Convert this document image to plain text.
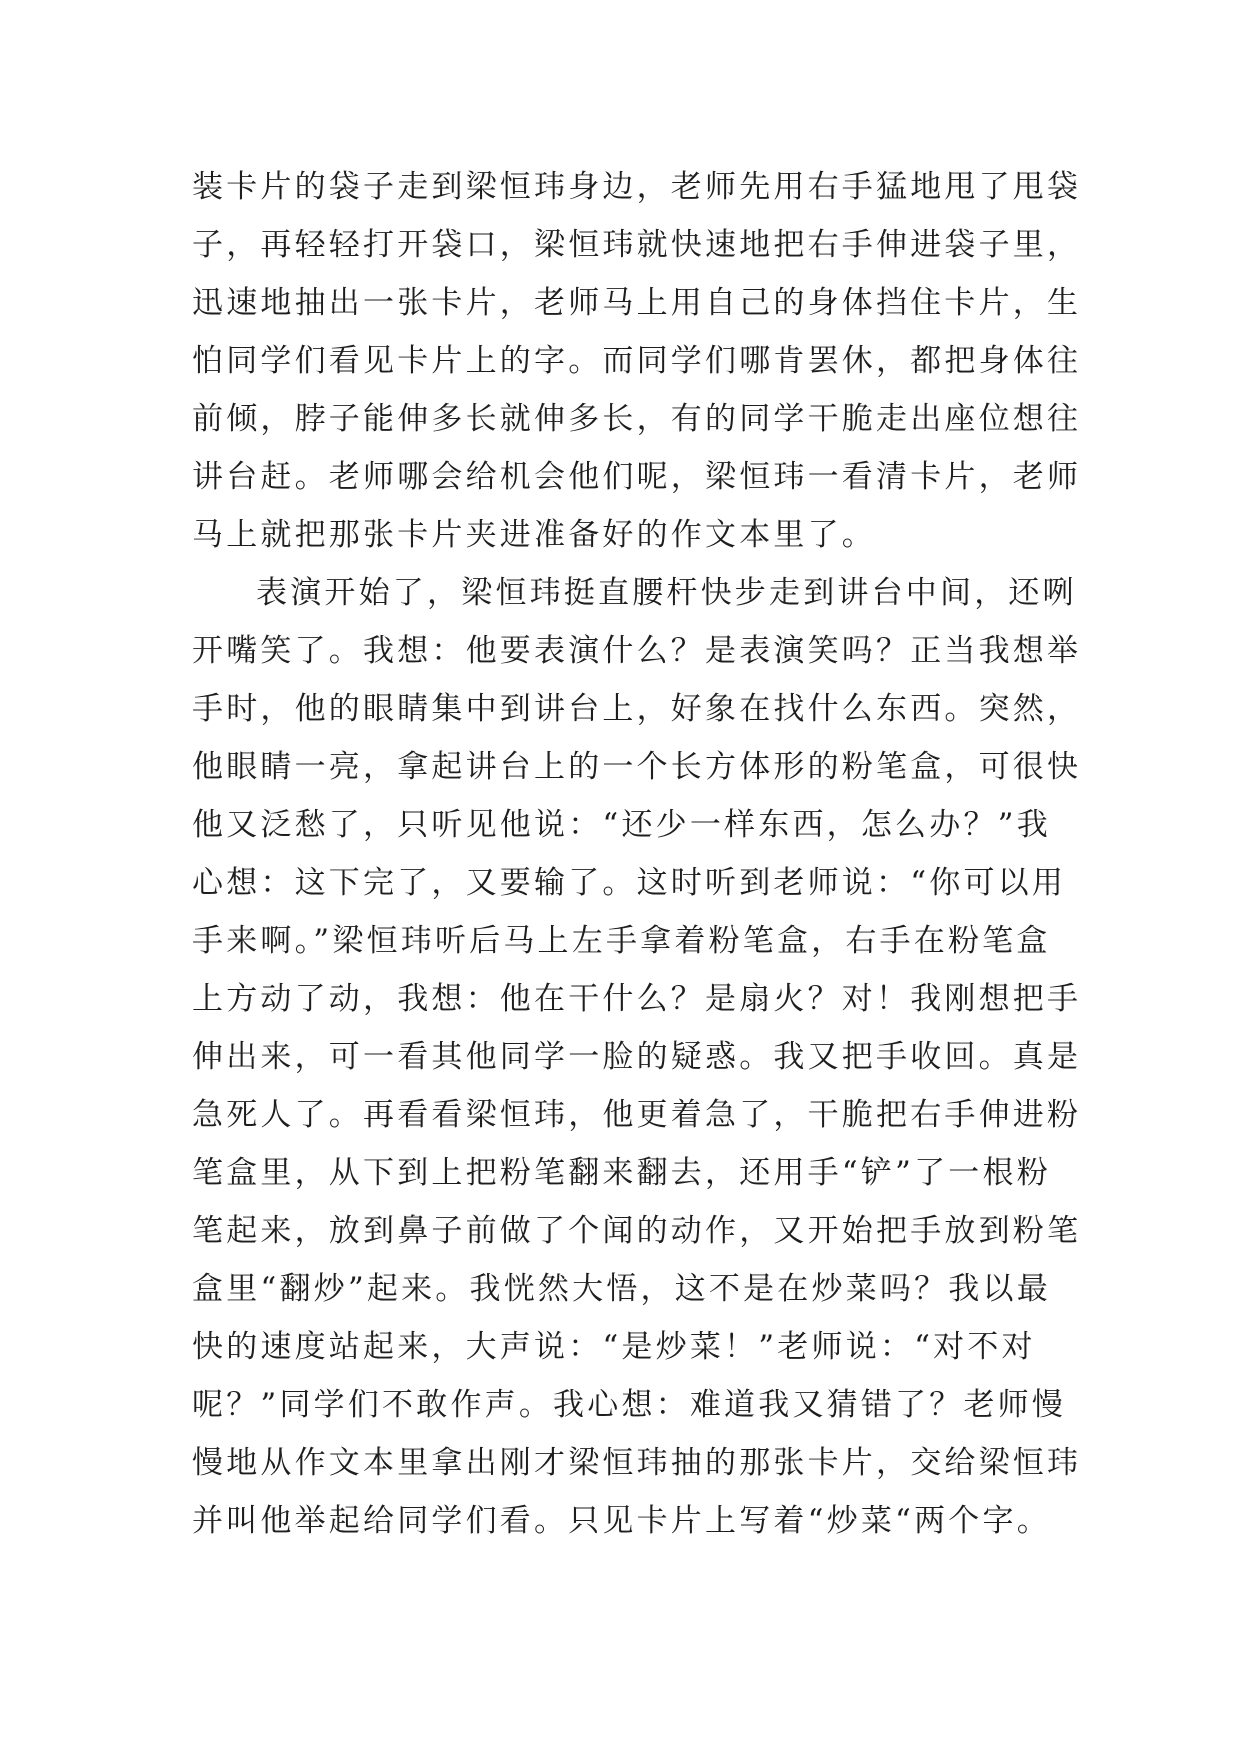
装卡片的袋子走到梁恒玮身边，老师先用右手猛地甩了甩袋
子，再轻轻打开袋口，梁恒玮就快速地把右手伸进袋子里，
迅速地抽出一张卡片，老师马上用自己的身体挡住卡片，生
怕同学们看见卡片上的字。而同学们哪肯罢休，都把身体往
前倾，脖子能伸多长就伸多长，有的同学干脆走出座位想往
讲台赶。老师哪会给机会他们呢，梁恒玮一看清卡片，老师
马上就把那张卡片夹进准备好的作文本里了。
表演开始了，梁恒玮挺直腰杆快步走到讲台中间，还咧
开嘴笑了。我想：他要表演什么？是表演笑吗？正当我想举
手时，他的眼睛集中到讲台上，好象在找什么东西。突然，
他眼睛一亮，拿起讲台上的一个长方体形的粉笔盒，可很快
他又泛愁了，只听见他说：“还少一样东西，怎么办？”我
心想：这下完了，又要输了。这时听到老师说：“你可以用
手来啊。”梁恒玮听后马上左手拿着粉笔盒，右手在粉笔盒
上方动了动，我想：他在干什么？是扇火？对！我刚想把手
伸出来，可一看其他同学一脸的疑惑。我又把手收回。真是
急死人了。再看看梁恒玮，他更着急了，干脆把右手伸进粉
笔盒里，从下到上把粉笔翻来翻去，还用手“铲”了一根粉
笔起来，放到鼻子前做了个闻的动作，又开始把手放到粉笔
盒里“翻炒”起来。我恍然大悟，这不是在炒菜吗？我以最
快的速度站起来，大声说：“是炒菜！”老师说：“对不对
呢？”同学们不敢作声。我心想：难道我又猜错了？老师慢
慢地从作文本里拿出刚才梁恒玮抽的那张卡片，交给梁恒玮
并叫他举起给同学们看。只见卡片上写着“炒菜“两个字。
